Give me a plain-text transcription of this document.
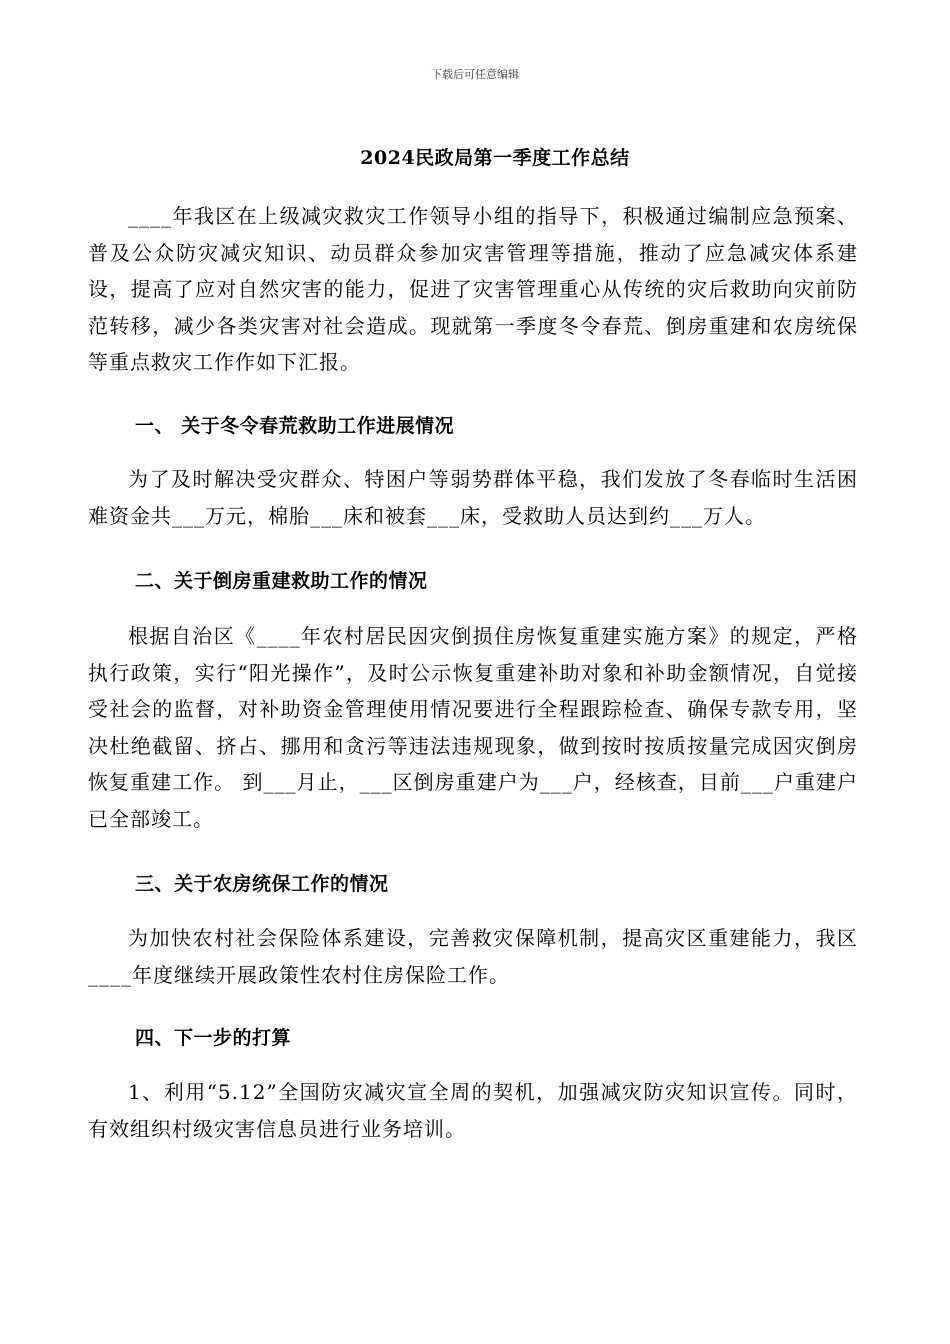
下载后可任意编辑
2024民政局第一季度工作总结
____年我区在上级减灾救灾工作领导小组的指导下，积极通过编制应急预案、普及公众防灾减灾知识、动员群众参加灾害管理等措施，推动了应急减灾体系建设，提高了应对自然灾害的能力，促进了灾害管理重心从传统的灾后救助向灾前防范转移，减少各类灾害对社会造成。现就第一季度冬令春荒、倒房重建和农房统保等重点救灾工作作如下汇报。
一、 关于冬令春荒救助工作进展情况
为了及时解决受灾群众、特困户等弱势群体平稳，我们发放了冬春临时生活困难资金共___万元，棉胎___床和被套___床，受救助人员达到约___万人。
二、关于倒房重建救助工作的情况
根据自治区《____年农村居民因灾倒损住房恢复重建实施方案》的规定，严格执行政策，实行“阳光操作”，及时公示恢复重建补助对象和补助金额情况，自觉接受社会的监督，对补助资金管理使用情况要进行全程跟踪检查、确保专款专用，坚决杜绝截留、挤占、挪用和贪污等违法违规现象，做到按时按质按量完成因灾倒房恢复重建工作。 到___月止，___区倒房重建户为___户，经核查，目前___户重建户已全部竣工。
三、关于农房统保工作的情况
为加快农村社会保险体系建设，完善救灾保障机制，提高灾区重建能力，我区____年度继续开展政策性农村住房保险工作。
四、下一步的打算
1、利用“5.12”全国防灾减灾宣全周的契机，加强减灾防灾知识宣传。同时，有效组织村级灾害信息员进行业务培训。
